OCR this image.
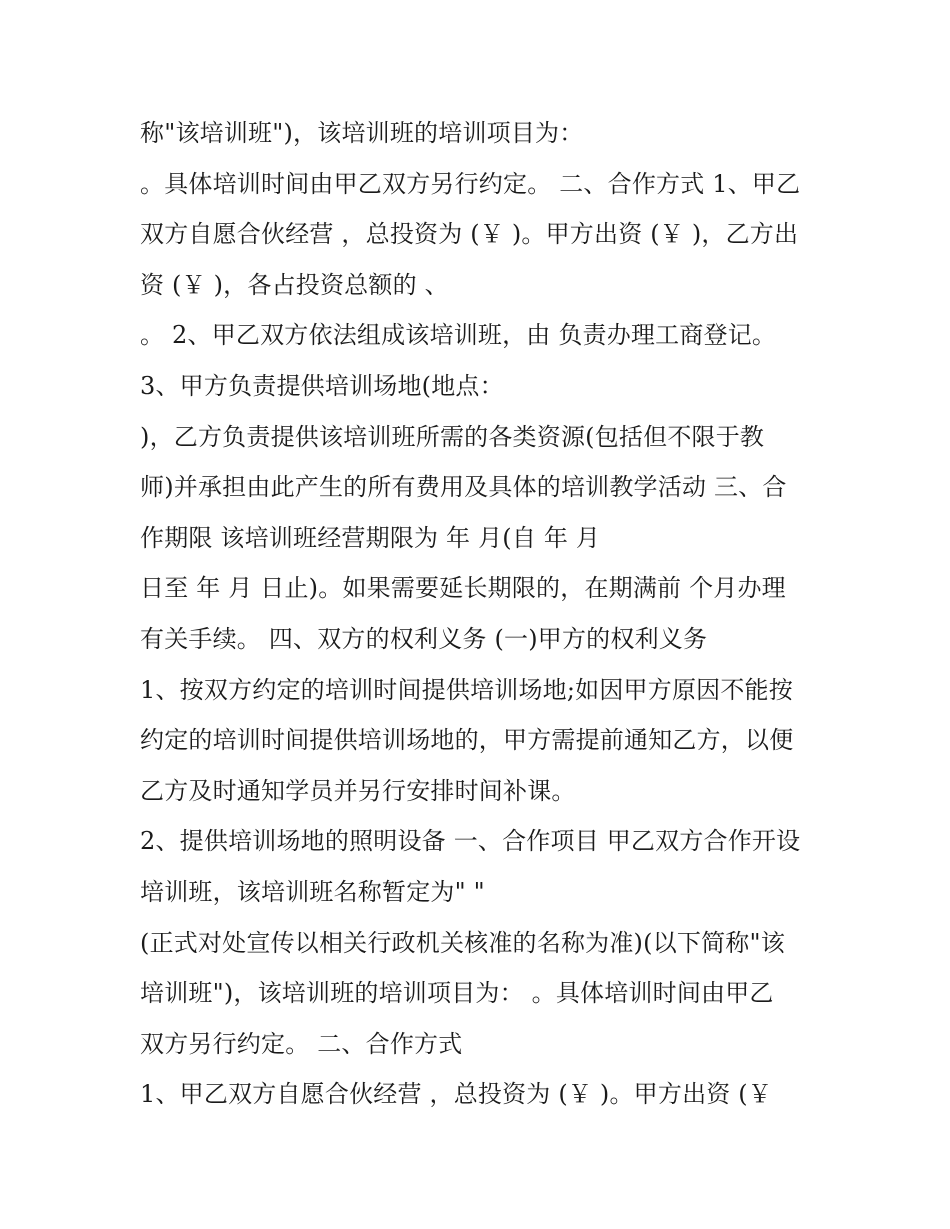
称"该培训班")，该培训班的培训项目为：
。具体培训时间由甲乙双方另行约定。 二、合作方式 1、甲乙
双方自愿合伙经营 ，总投资为 (￥ )。甲方出资 (￥ )，乙方出
资 (￥ )，各占投资总额的 、
。 2、甲乙双方依法组成该培训班，由 负责办理工商登记。
3、甲方负责提供培训场地(地点：
)，乙方负责提供该培训班所需的各类资源(包括但不限于教
师)并承担由此产生的所有费用及具体的培训教学活动 三、合
作期限 该培训班经营期限为 年 月(自 年 月
日至 年 月 日止)。如果需要延长期限的，在期满前 个月办理
有关手续。 四、双方的权利义务 (一)甲方的权利义务
1、按双方约定的培训时间提供培训场地;如因甲方原因不能按
约定的培训时间提供培训场地的，甲方需提前通知乙方，以便
乙方及时通知学员并另行安排时间补课。
2、提供培训场地的照明设备 一、合作项目 甲乙双方合作开设
培训班，该培训班名称暂定为" "
(正式对处宣传以相关行政机关核准的名称为准)(以下简称"该
培训班")，该培训班的培训项目为： 。具体培训时间由甲乙
双方另行约定。 二、合作方式
1、甲乙双方自愿合伙经营 ，总投资为 (￥ )。甲方出资 (￥
